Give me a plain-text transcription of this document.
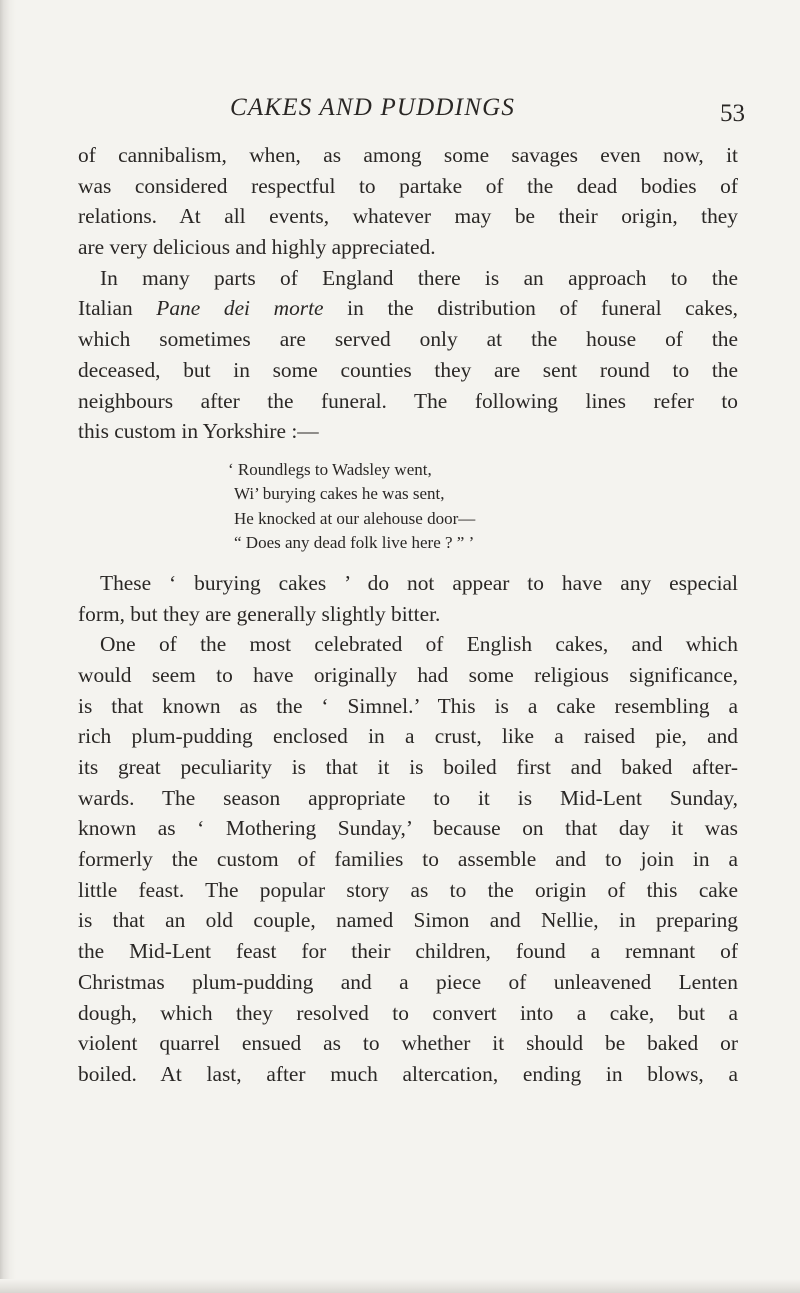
CAKES AND PUDDINGS	53
of cannibalism, when, as among some savages even now, it
was considered respectful to partake of the dead bodies of
relations. At all events, whatever may be their origin, they
are very delicious and highly appreciated.
In many parts of England there is an approach to the
Italian Pane dei morte in the distribution of funeral cakes,
which sometimes are served only at the house of the
deceased, but in some counties they are sent round to the
neighbours after the funeral. The following lines refer to
this custom in Yorkshire :—
‘ Roundlegs to Wadsley went,
Wi’ burying cakes he was sent,
He knocked at our alehouse door—
“ Does any dead folk live here ? ” ’
These ‘ burying cakes ’ do not appear to have any especial
form, but they are generally slightly bitter.
One of the most celebrated of English cakes, and which
would seem to have originally had some religious significance,
is that known as the ‘ Simnel.’ This is a cake resembling a
rich plum-pudding enclosed in a crust, like a raised pie, and
its great peculiarity is that it is boiled first and baked after-
wards. The season appropriate to it is Mid-Lent Sunday,
known as ‘ Mothering Sunday,’ because on that day it was
formerly the custom of families to assemble and to join in a
little feast. The popular story as to the origin of this cake
is that an old couple, named Simon and Nellie, in preparing
the Mid-Lent feast for their children, found a remnant of
Christmas plum-pudding and a piece of unleavened Lenten
dough, which they resolved to convert into a cake, but a
violent quarrel ensued as to whether it should be baked or
boiled. At last, after much altercation, ending in blows, a
